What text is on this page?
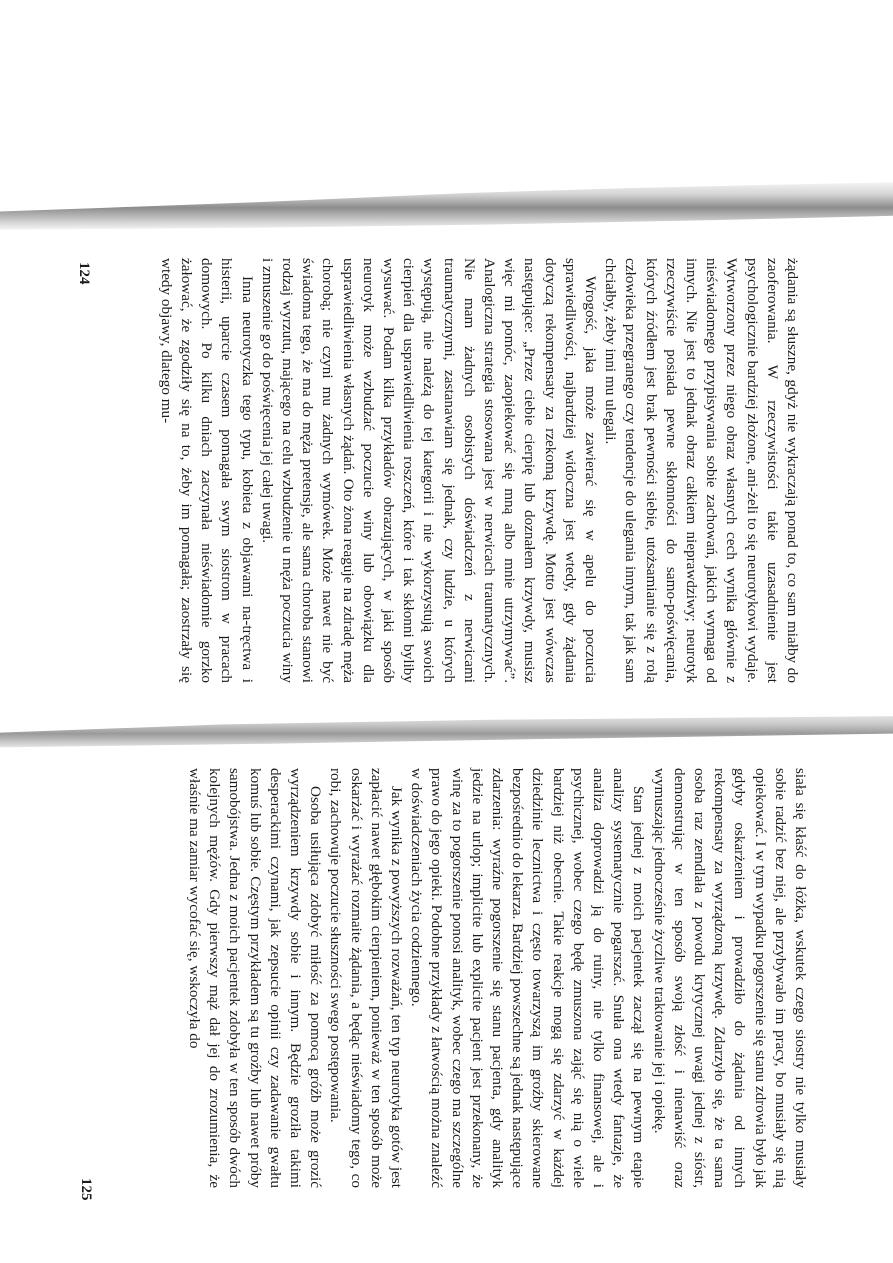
żądania są słuszne, gdyż nie wykraczają ponad to, co sam miałby do zaoferowania. W rzeczywistości takie uzasadnienie jest psychologicznie bardziej złożone, ani-żeli to się neurotykowi wydaje. Wytworzony przez niego obraz własnych cech wynika głównie z nieświadomego przypisywania sobie zachowań, jakich wymaga od innych. Nie jest to jednak obraz całkiem nieprawdziwy; neurotyk rzeczywiście posiada pewne skłonności do samo-poświęcania, których źródłem jest brak pewności siebie, utożsamianie się z rolą człowieka przegranego czy tendencje do ulegania innym, tak jak sam chciałby, żeby inni mu ulegali.

Wrogość, jaka może zawierać się w apelu do poczucia sprawiedliwości, najbardziej widoczna jest wtedy, gdy żądania dotyczą rekompensaty za rzekomą krzywdę. Motto jest wówczas następujące: „Przez ciebie cierpię lub doznałem krzywdy, musisz więc mi pomóc, zaopiekować się mną albo mnie utrzymywać”. Analogiczna strategia stosowana jest w nerwicach traumatycznych. Nie mam żadnych osobistych doświadczeń z nerwicami traumatycznymi, zastanawiam się jednak, czy ludzie, u których występują, nie należą do tej kategorii i nie wykorzystują swoich cierpień dla usprawiedliwienia roszczeń, które i tak skłonni byliby wysuwać. Podam kilka przykładów obrazujących, w jaki sposób neurotyk może wzbudzać poczucie winy lub obowiązku dla usprawiedliwienia własnych żądań. Oto żona reaguje na zdradę męża chorobą; nie czyni mu żadnych wymówek. Może nawet nie być świadoma tego, że ma do męża pretensje, ale sama choroba stanowi rodzaj wyrzutu, mającego na celu wzbudzenie u męża poczucia winy i zmuszenie go do poświęcenia jej całej uwagi.

Inna neurotyczka tego typu, kobieta z objawami na-tręctwa i histerii, uparcie czasem pomagała swym siostrom w pracach domowych. Po kilku dniach zaczynała nieświadomie gorzko żałować, że zgodziły się na to, żeby im pomagała; zaostrzały się wtedy objawy, dlatego mu-

124

siała się kłaść do łóżka, wskutek czego siostry nie tylko musiały sobie radzić bez niej, ale przybywało im pracy, bo musiały się nią opiekować. I w tym wypadku pogorszenie się stanu zdrowia było jak gdyby oskarżeniem i prowadziło do żądania od innych rekompensaty za wyrządzoną krzywdę. Zdarzyło się, że ta sama osoba raz zemdlała z powodu krytycznej uwagi jednej z sióstr, demonstrując w ten sposób swoją złość i nienawiść oraz wymuszając jednocześnie życzliwe traktowanie jej i opiekę.

Stan jednej z moich pacjentek zaczął się na pewnym etapie analizy systematycznie pogarszać. Snuła ona wtedy fantazje, że analiza doprowadzi ją do ruiny, nie tylko finansowej, ale i psychicznej, wobec czego będę zmuszona zająć się nią o wiele bardziej niż obecnie. Takie reakcje mogą się zdarzyć w każdej dziedzinie lecznictwa i często towarzyszą im groźby skierowane bezpośrednio do lekarza. Bardziej powszechne są jednak następujące zdarzenia: wyraźne pogorszenie się stanu pacjenta, gdy analityk jedzie na urlop; implicite lub explicite pacjent jest przekonany, że winę za to pogorszenie ponosi analityk, wobec czego ma szczególne prawo do jego opieki. Podobne przykłady z łatwością można znaleźć w doświadczeniach życia codziennego.

Jak wynika z powyższych rozważań, ten typ neurotyka gotów jest zapłacić nawet głębokim cierpieniem, ponieważ w ten sposób może oskarżać i wyrażać rozmaite żądania, a będąc nieświadomy tego, co robi, zachowuje poczucie słuszności swego postępowania.

Osoba usiłująca zdobyć miłość za pomocą gróźb może grozić wyrządzeniem krzywdy sobie i innym. Będzie groziła takimi desperackimi czynami, jak zepsucie opinii czy zadawanie gwałtu komuś lub sobie. Częstym przykładem są tu groźby lub nawet próby samobójstwa. Jedna z moich pacjentek zdobyła w ten sposób dwóch kolejnych mężów. Gdy pierwszy mąż dał jej do zrozumienia, że właśnie ma zamiar wycofać się, wskoczyła do

125
